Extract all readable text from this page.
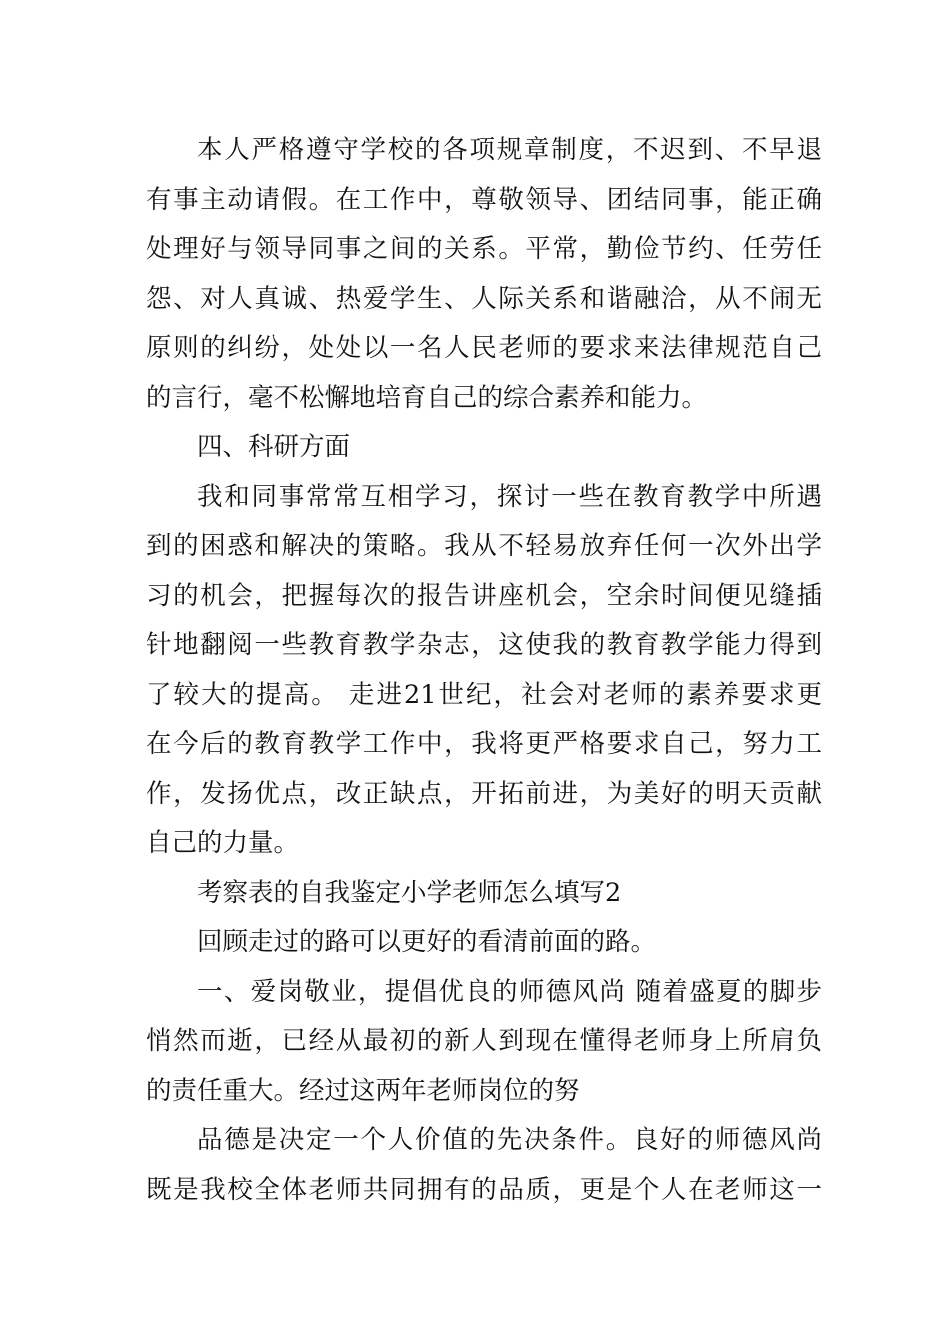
本人严格遵守学校的各项规章制度，不迟到、不早退
有事主动请假。在工作中，尊敬领导、团结同事，能正确
处理好与领导同事之间的关系。平常，勤俭节约、任劳任
怨、对人真诚、热爱学生、人际关系和谐融洽，从不闹无
原则的纠纷，处处以一名人民老师的要求来法律规范自己
的言行，毫不松懈地培育自己的综合素养和能力。
四、科研方面
我和同事常常互相学习，探讨一些在教育教学中所遇
到的困惑和解决的策略。我从不轻易放弃任何一次外出学
习的机会，把握每次的报告讲座机会，空余时间便见缝插
针地翻阅一些教育教学杂志，这使我的教育教学能力得到
了较大的提高。 走进21世纪，社会对老师的素养要求更
在今后的教育教学工作中，我将更严格要求自己，努力工
作，发扬优点，改正缺点，开拓前进，为美好的明天贡献
自己的力量。
考察表的自我鉴定小学老师怎么填写2
回顾走过的路可以更好的看清前面的路。
一、爱岗敬业，提倡优良的师德风尚 随着盛夏的脚步
悄然而逝，已经从最初的新人到现在懂得老师身上所肩负
的责任重大。经过这两年老师岗位的努
品德是决定一个人价值的先决条件。良好的师德风尚
既是我校全体老师共同拥有的品质，更是个人在老师这一
